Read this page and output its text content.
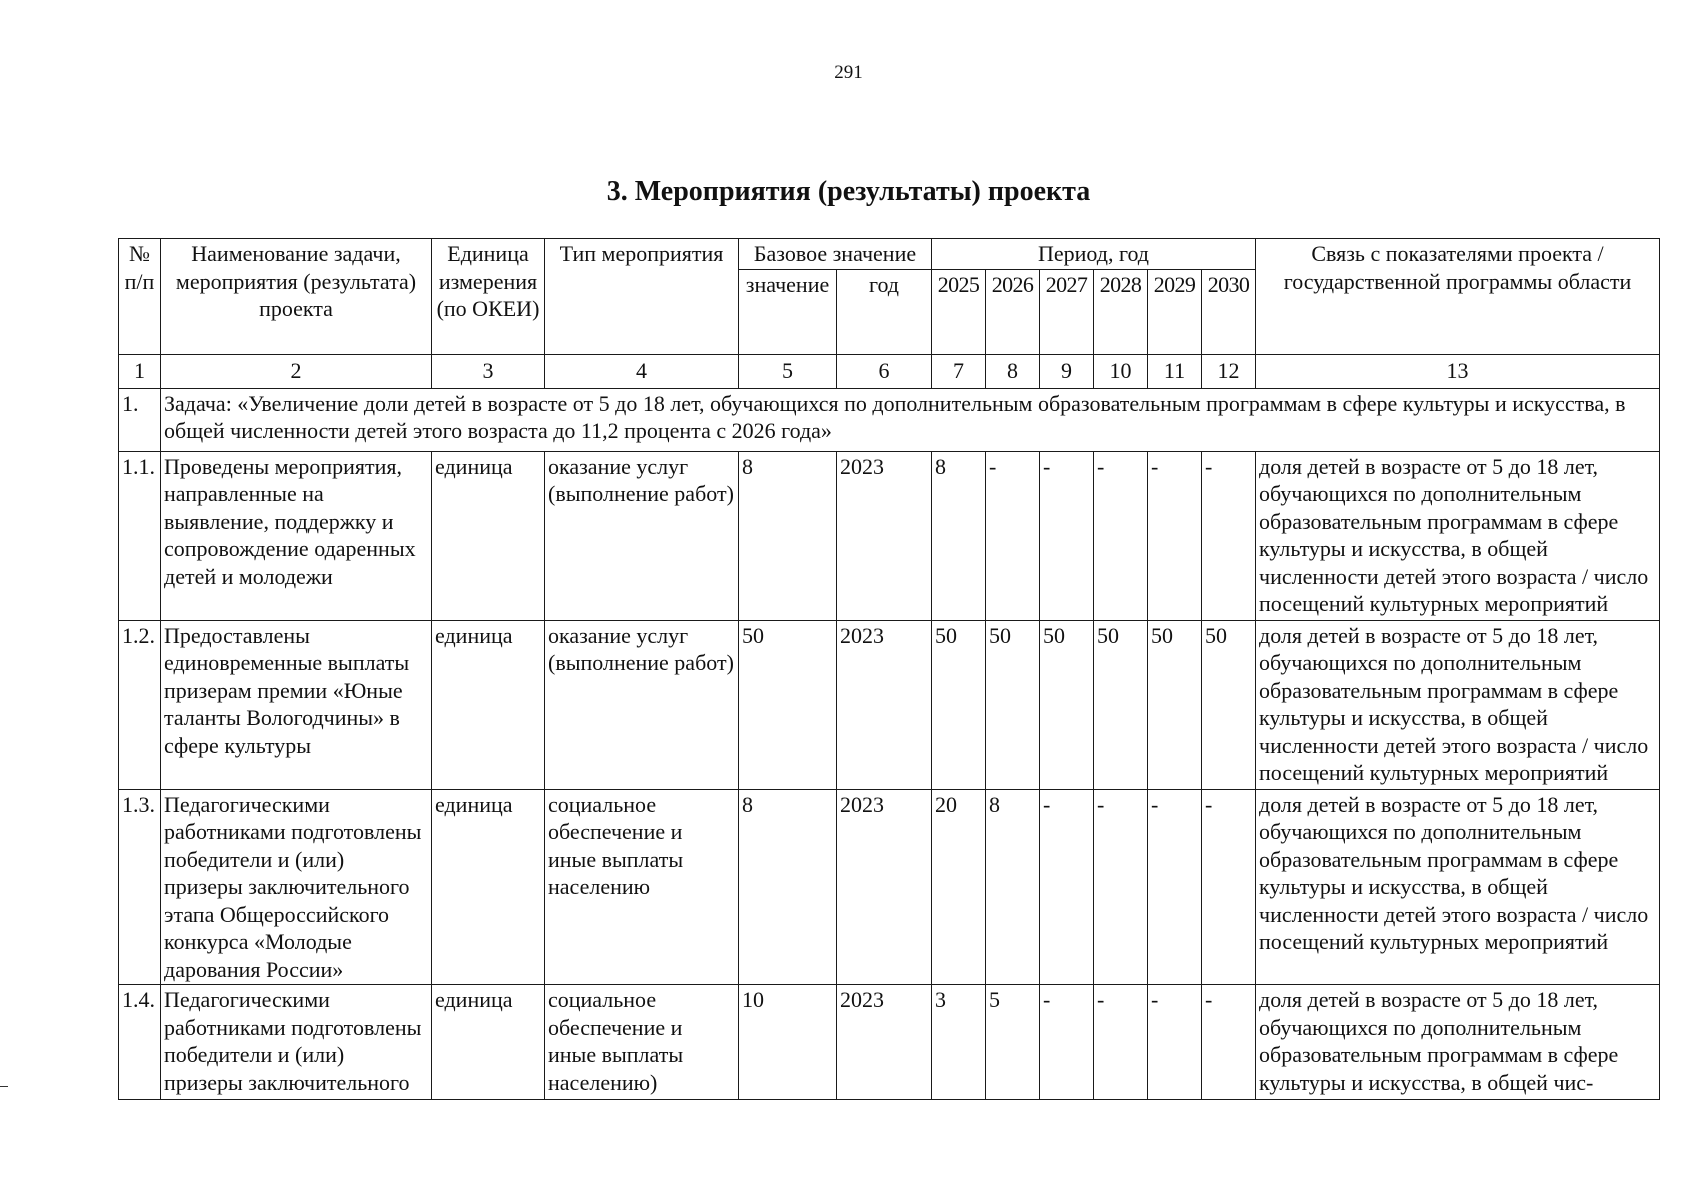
291
3. Мероприятия (результаты) проекта
№ п/п	Наименование задачи, мероприятия (результата) проекта	Единица измерения (по ОКЕИ)	Тип мероприятия	Базовое значение		Период, год						Связь с показателями проекта / государственной программы области
				значение	год	2025	2026	2027	2028	2029	2030	
1	2	3	4	5	6	7	8	9	10	11	12	13
1.	Задача: «Увеличение доли детей в возрасте от 5 до 18 лет, обучающихся по дополнительным образовательным программам в сфере культуры и искусства, в общей численности детей этого возраста до 11,2 процента с 2026 года»											
1.1.	Проведены мероприятия, направленные на выявление, поддержку и сопровождение одаренных детей и молодежи	единица	оказание услуг (выполнение работ)	8	2023	8	-	-	-	-	-	доля детей в возрасте от 5 до 18 лет, обучающихся по дополнительным образовательным программам в сфере культуры и искусства, в общей численности детей этого возраста / число посещений культурных мероприятий
1.2.	Предоставлены единовременные выплаты призерам премии «Юные таланты Вологодчины» в сфере культуры	единица	оказание услуг (выполнение работ)	50	2023	50	50	50	50	50	50	доля детей в возрасте от 5 до 18 лет, обучающихся по дополнительным образовательным программам в сфере культуры и искусства, в общей численности детей этого возраста / число посещений культурных мероприятий
1.3.	Педагогическими работниками подготовлены победители и (или) призеры заключительного этапа Общероссийского конкурса «Молодые дарования России»	единица	социальное обеспечение и иные выплаты населению	8	2023	20	8	-	-	-	-	доля детей в возрасте от 5 до 18 лет, обучающихся по дополнительным образовательным программам в сфере культуры и искусства, в общей численности детей этого возраста / число посещений культурных мероприятий
1.4.	Педагогическими работниками подготовлены победители и (или) призеры заключительного	единица	социальное обеспечение и иные выплаты населению)	10	2023	3	5	-	-	-	-	доля детей в возрасте от 5 до 18 лет, обучающихся по дополнительным образовательным программам в сфере культуры и искусства, в общей чис-
